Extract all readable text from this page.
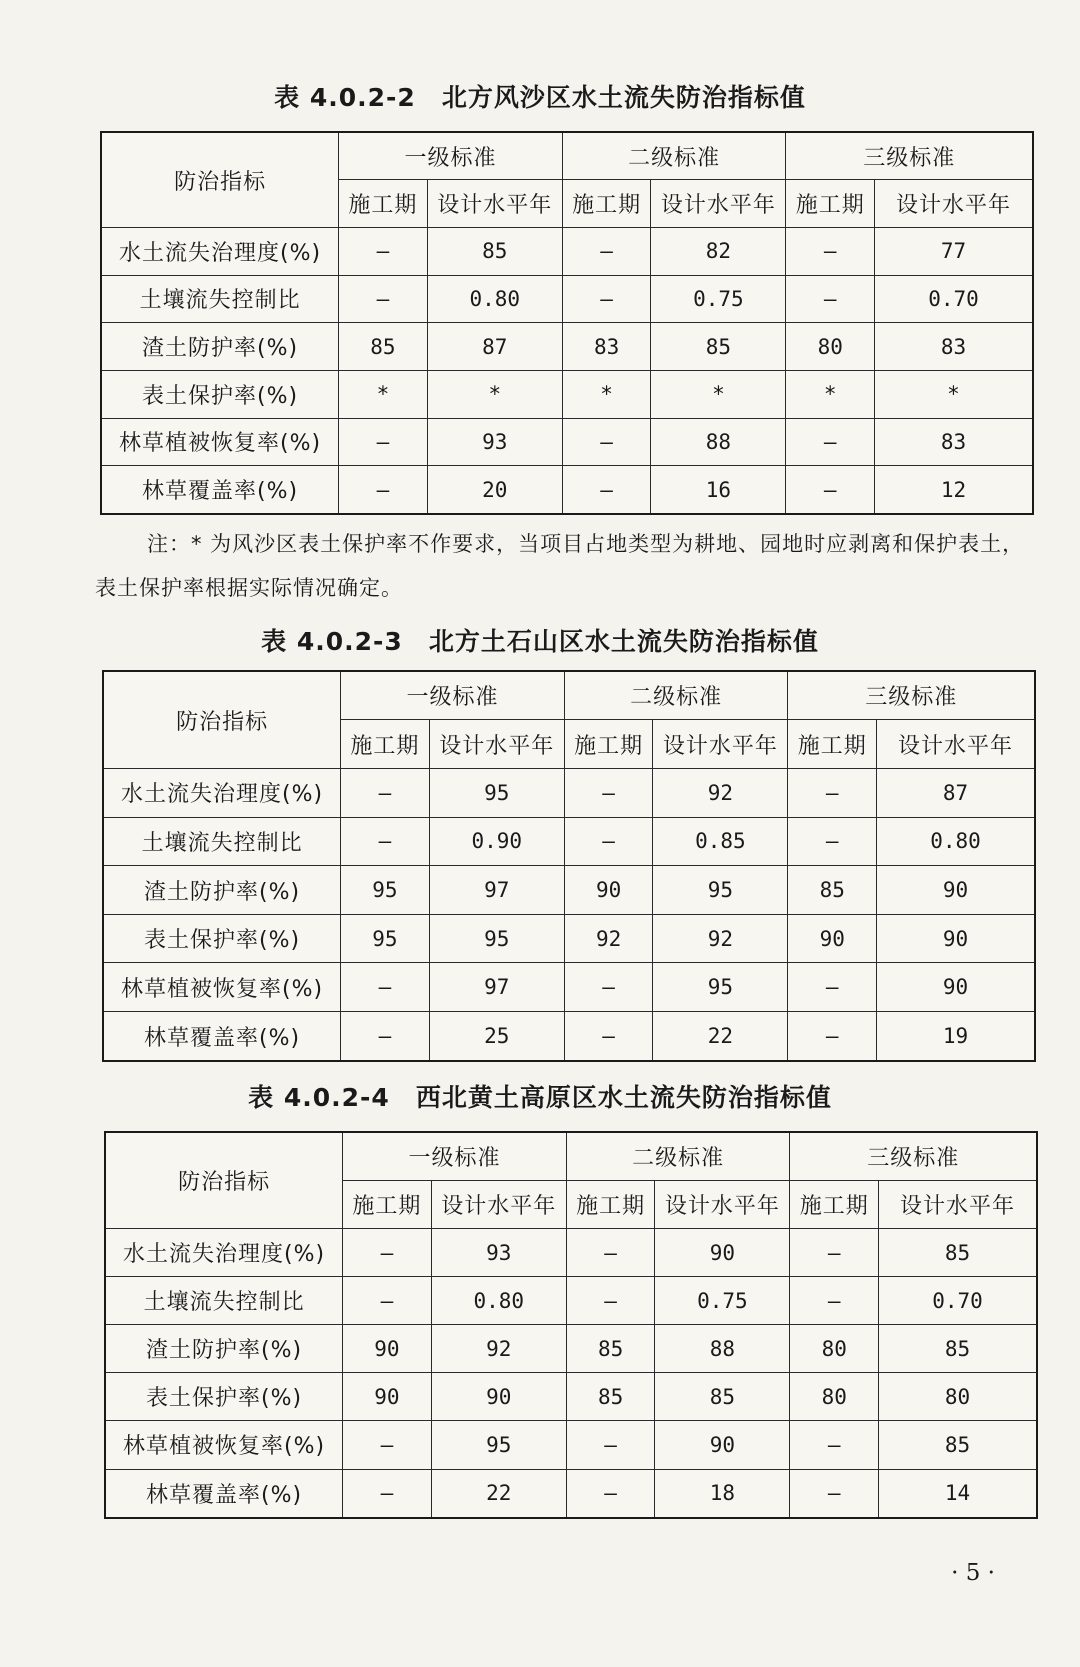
表 4.0.2-2 北方风沙区水土流失防治指标值
防治指标	一级标准		二级标准		三级标准	
	施工期	设计水平年	施工期	设计水平年	施工期	设计水平年
水土流失治理度(%)	—	85	—	82	—	77
土壤流失控制比	—	0.80	—	0.75	—	0.70
渣土防护率(%)	85	87	83	85	80	83
表土保护率(%)	*	*	*	*	*	*
林草植被恢复率(%)	—	93	—	88	—	83
林草覆盖率(%)	—	20	—	16	—	12
注：* 为风沙区表土保护率不作要求，当项目占地类型为耕地、园地时应剥离和保护表土，表土保护率根据实际情况确定。
表 4.0.2-3 北方土石山区水土流失防治指标值
防治指标	一级标准		二级标准		三级标准	
	施工期	设计水平年	施工期	设计水平年	施工期	设计水平年
水土流失治理度(%)	—	95	—	92	—	87
土壤流失控制比	—	0.90	—	0.85	—	0.80
渣土防护率(%)	95	97	90	95	85	90
表土保护率(%)	95	95	92	92	90	90
林草植被恢复率(%)	—	97	—	95	—	90
林草覆盖率(%)	—	25	—	22	—	19
表 4.0.2-4 西北黄土高原区水土流失防治指标值
防治指标	一级标准		二级标准		三级标准	
	施工期	设计水平年	施工期	设计水平年	施工期	设计水平年
水土流失治理度(%)	—	93	—	90	—	85
土壤流失控制比	—	0.80	—	0.75	—	0.70
渣土防护率(%)	90	92	85	88	80	85
表土保护率(%)	90	90	85	85	80	80
林草植被恢复率(%)	—	95	—	90	—	85
林草覆盖率(%)	—	22	—	18	—	14
· 5 ·
